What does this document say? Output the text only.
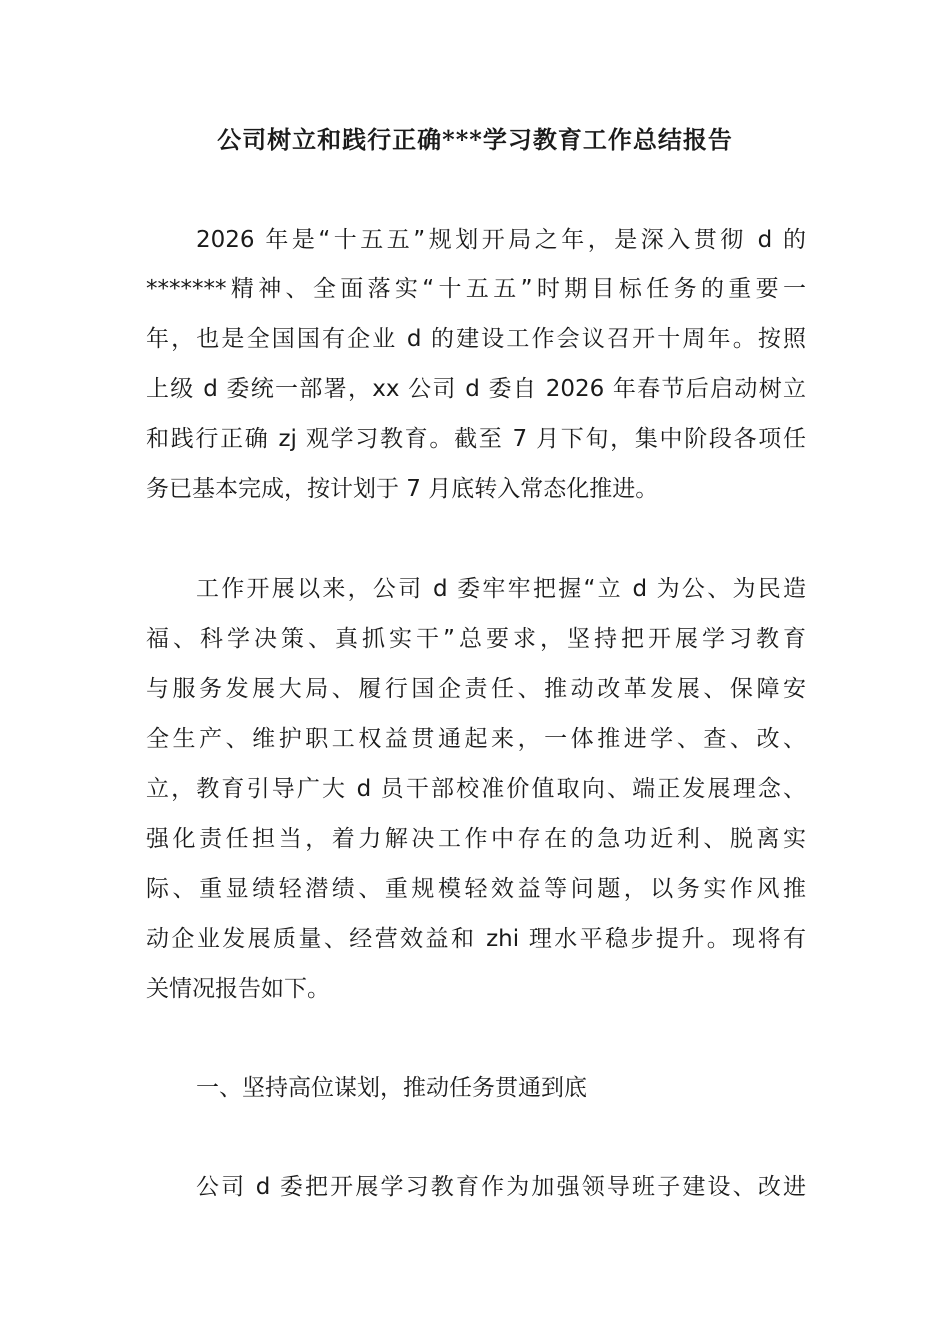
公司树立和践行正确***学习教育工作总结报告
2026 年是“十五五”规划开局之年，是深入贯彻 d 的
*******精神、全面落实“十五五”时期目标任务的重要一
年，也是全国国有企业 d 的建设工作会议召开十周年。按照
上级 d 委统一部署，xx 公司 d 委自 2026 年春节后启动树立
和践行正确 zj 观学习教育。截至 7 月下旬，集中阶段各项任
务已基本完成，按计划于 7 月底转入常态化推进。
工作开展以来，公司 d 委牢牢把握“立 d 为公、为民造
福、科学决策、真抓实干”总要求，坚持把开展学习教育
与服务发展大局、履行国企责任、推动改革发展、保障安
全生产、维护职工权益贯通起来，一体推进学、查、改、
立，教育引导广大 d 员干部校准价值取向、端正发展理念、
强化责任担当，着力解决工作中存在的急功近利、脱离实
际、重显绩轻潜绩、重规模轻效益等问题，以务实作风推
动企业发展质量、经营效益和 zhi 理水平稳步提升。现将有
关情况报告如下。
一、坚持高位谋划，推动任务贯通到底
公司 d 委把开展学习教育作为加强领导班子建设、改进
